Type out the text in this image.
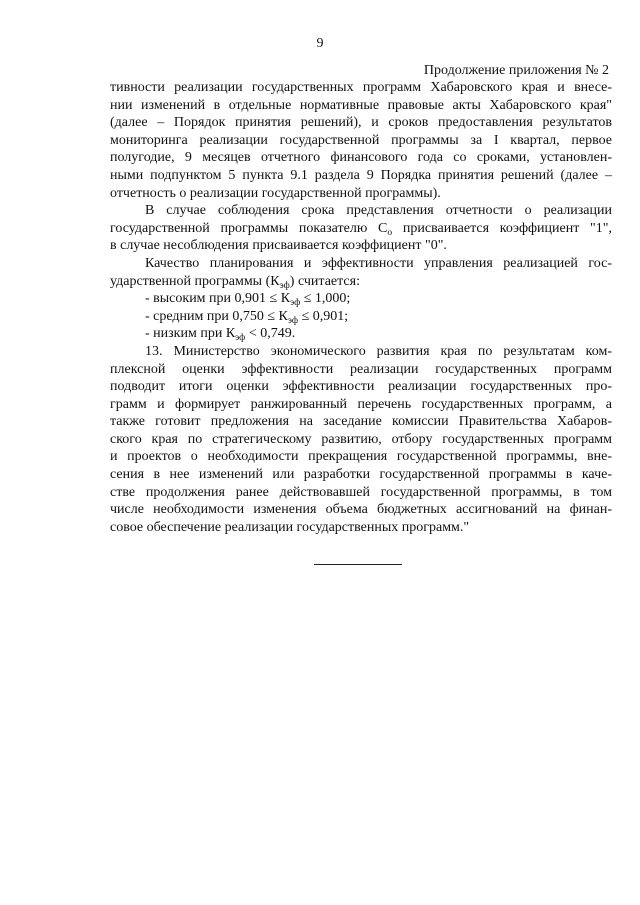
9
Продолжение приложения № 2
тивности реализации государственных программ Хабаровского края и внесе-
нии изменений в отдельные нормативные правовые акты Хабаровского края"
(далее – Порядок принятия решений), и сроков предоставления результатов
мониторинга реализации государственной программы за I квартал, первое
полугодие, 9 месяцев отчетного финансового года со сроками, установлен-
ными подпунктом 5 пункта 9.1 раздела 9 Порядка принятия решений (далее –
отчетность о реализации государственной программы).
В случае соблюдения срока представления отчетности о реализации
государственной программы показателю $С_о$ присваивается коэффициент "1",
в случае несоблюдения присваивается коэффициент "0".
Качество планирования и эффективности управления реализацией гос-
ударственной программы $(К_{эф})$ считается:
- высоким при $0,901 \le К_{эф} \le 1,000$;
- средним при $0,750 \le К_{эф} \le 0,901$;
- низким при $К_{эф} < 0,749$.
13. Министерство экономического развития края по результатам ком-
плексной оценки эффективности реализации государственных программ
подводит итоги оценки эффективности реализации государственных про-
грамм и формирует ранжированный перечень государственных программ, а
также готовит предложения на заседание комиссии Правительства Хабаров-
ского края по стратегическому развитию, отбору государственных программ
и проектов о необходимости прекращения государственной программы, вне-
сения в нее изменений или разработки государственной программы в каче-
стве продолжения ранее действовавшей государственной программы, в том
числе необходимости изменения объема бюджетных ассигнований на финан-
совое обеспечение реализации государственных программ."
